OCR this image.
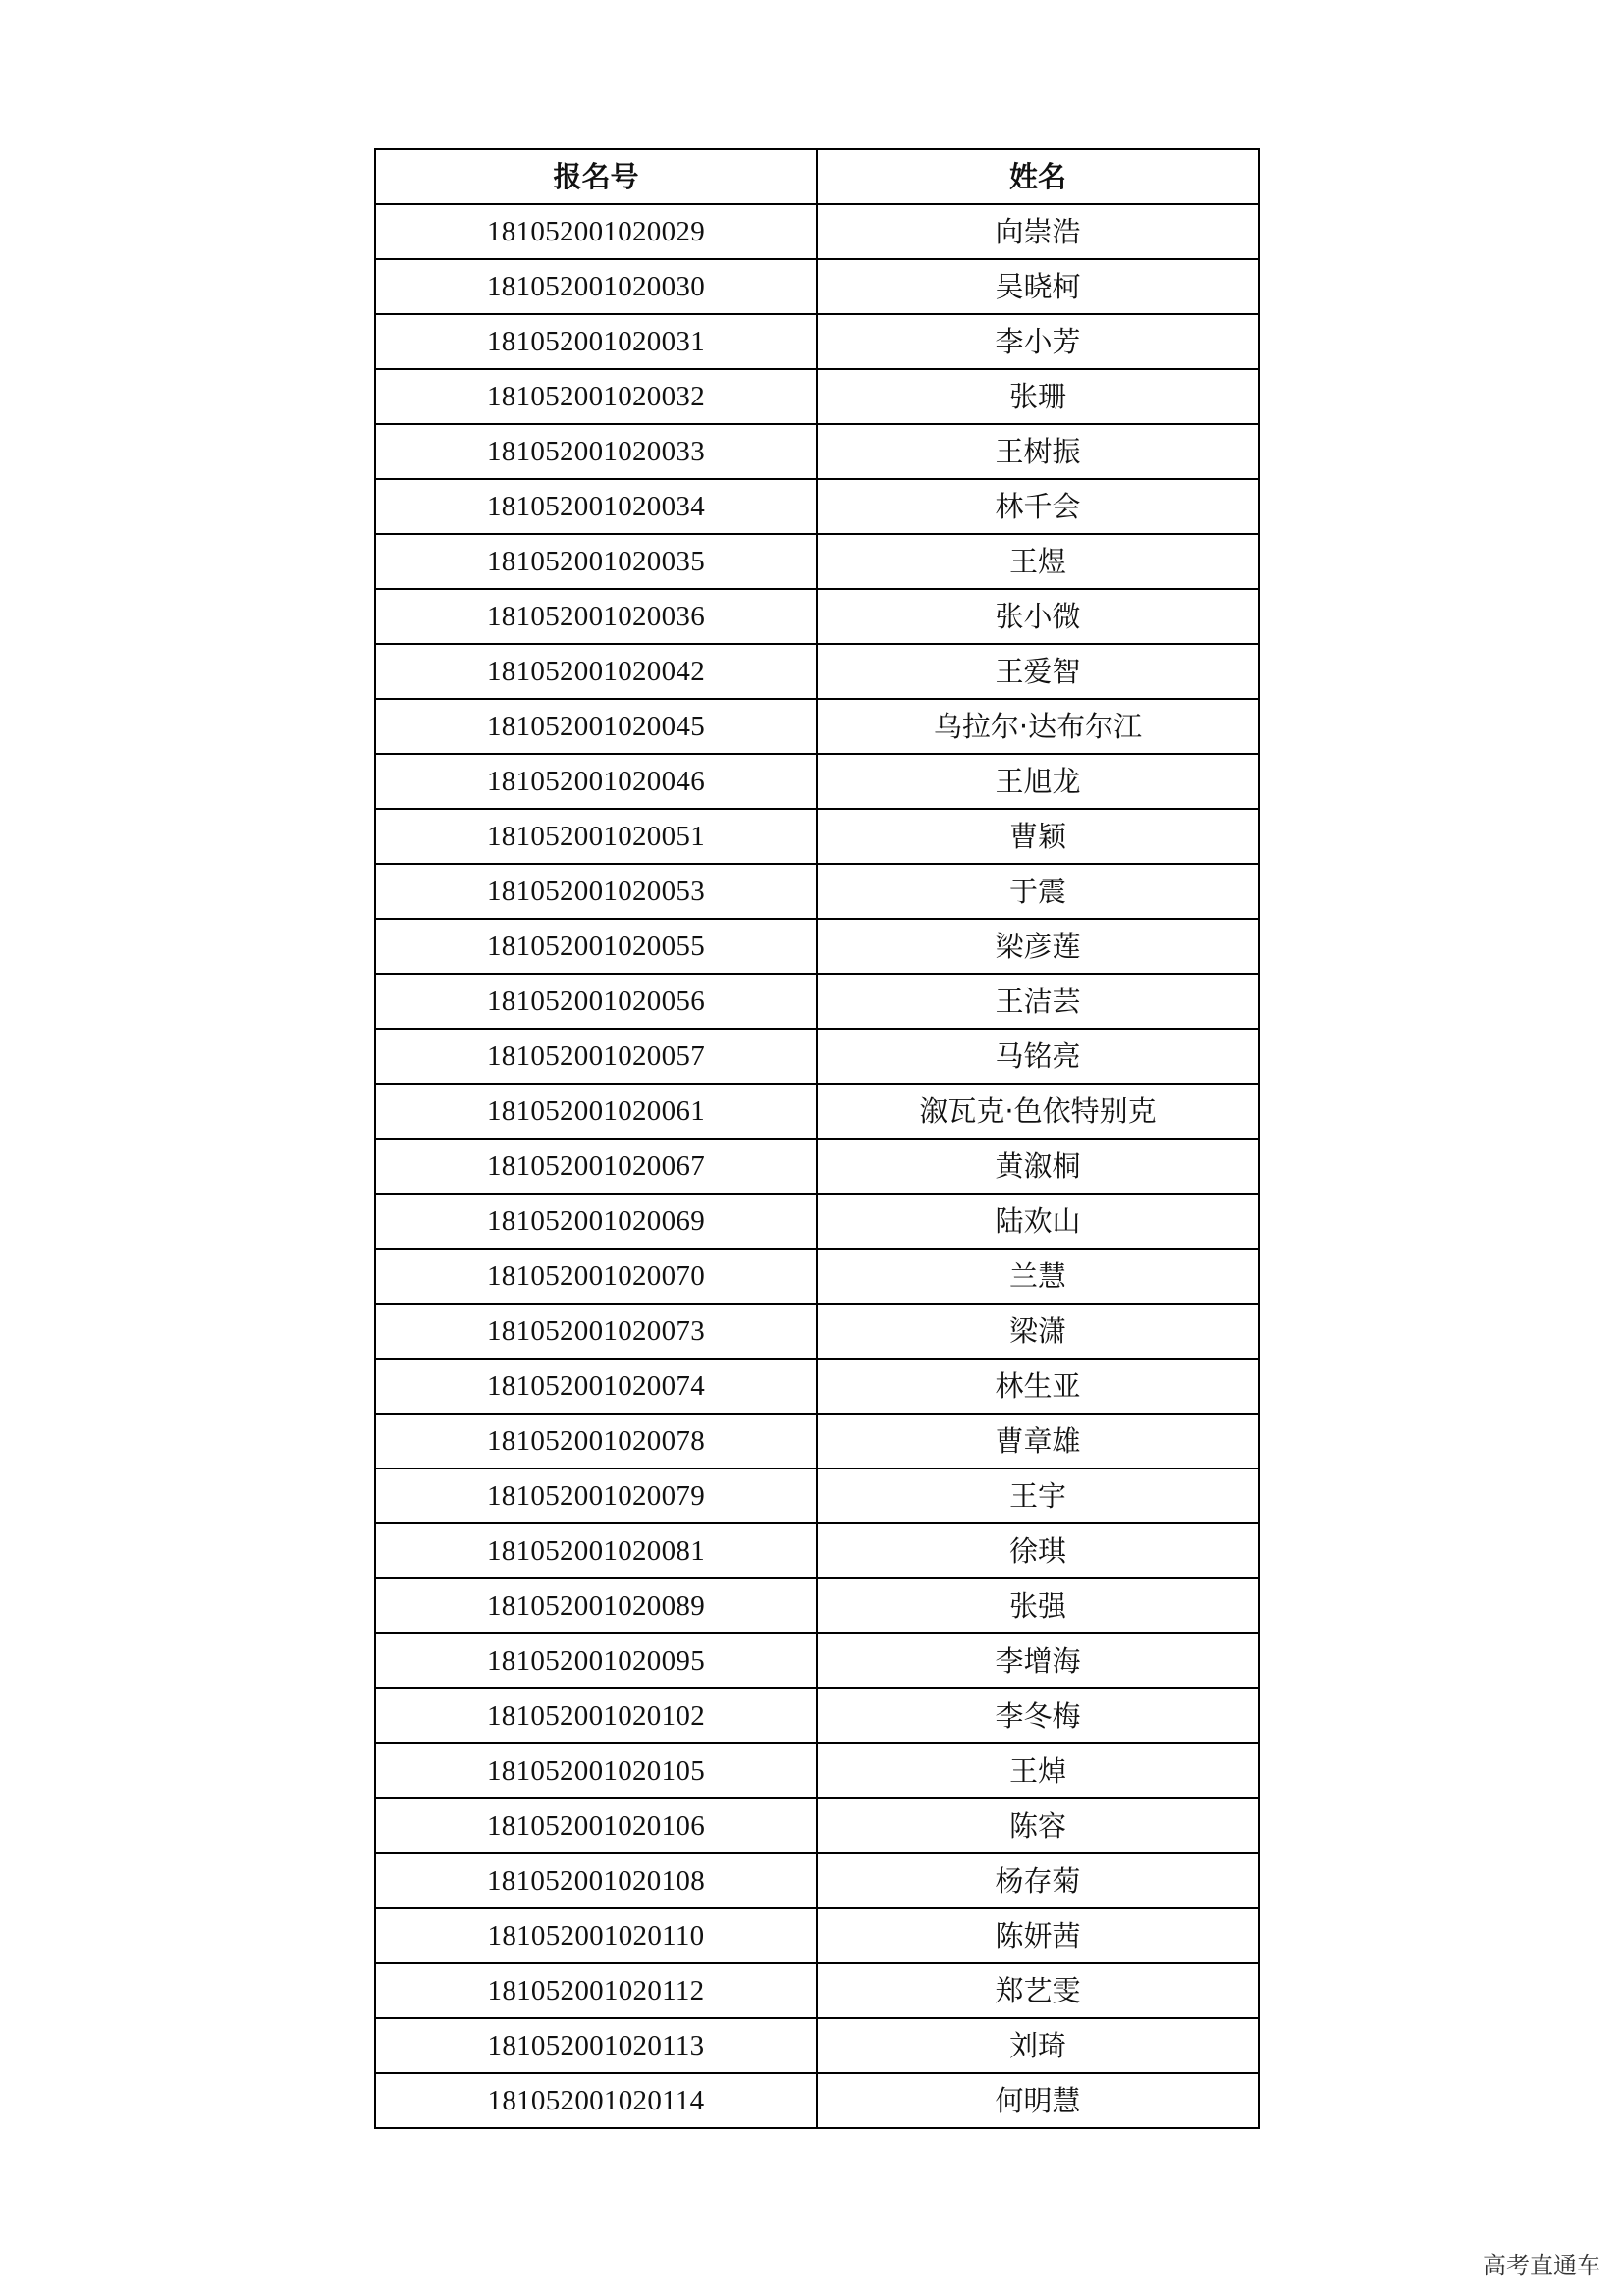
报名号	姓名
181052001020029	向崇浩
181052001020030	吴晓柯
181052001020031	李小芳
181052001020032	张珊
181052001020033	王树振
181052001020034	林千会
181052001020035	王煜
181052001020036	张小微
181052001020042	王爱智
181052001020045	乌拉尔·达布尔江
181052001020046	王旭龙
181052001020051	曹颖
181052001020053	于震
181052001020055	梁彦莲
181052001020056	王洁芸
181052001020057	马铭亮
181052001020061	溆瓦克·色依特别克
181052001020067	黄溆桐
181052001020069	陆欢山
181052001020070	兰慧
181052001020073	梁潇
181052001020074	林生亚
181052001020078	曹章雄
181052001020079	王宇
181052001020081	徐琪
181052001020089	张强
181052001020095	李增海
181052001020102	李冬梅
181052001020105	王焯
181052001020106	陈容
181052001020108	杨存菊
181052001020110	陈妍茜
181052001020112	郑艺雯
181052001020113	刘琦
181052001020114	何明慧
高考直通车
